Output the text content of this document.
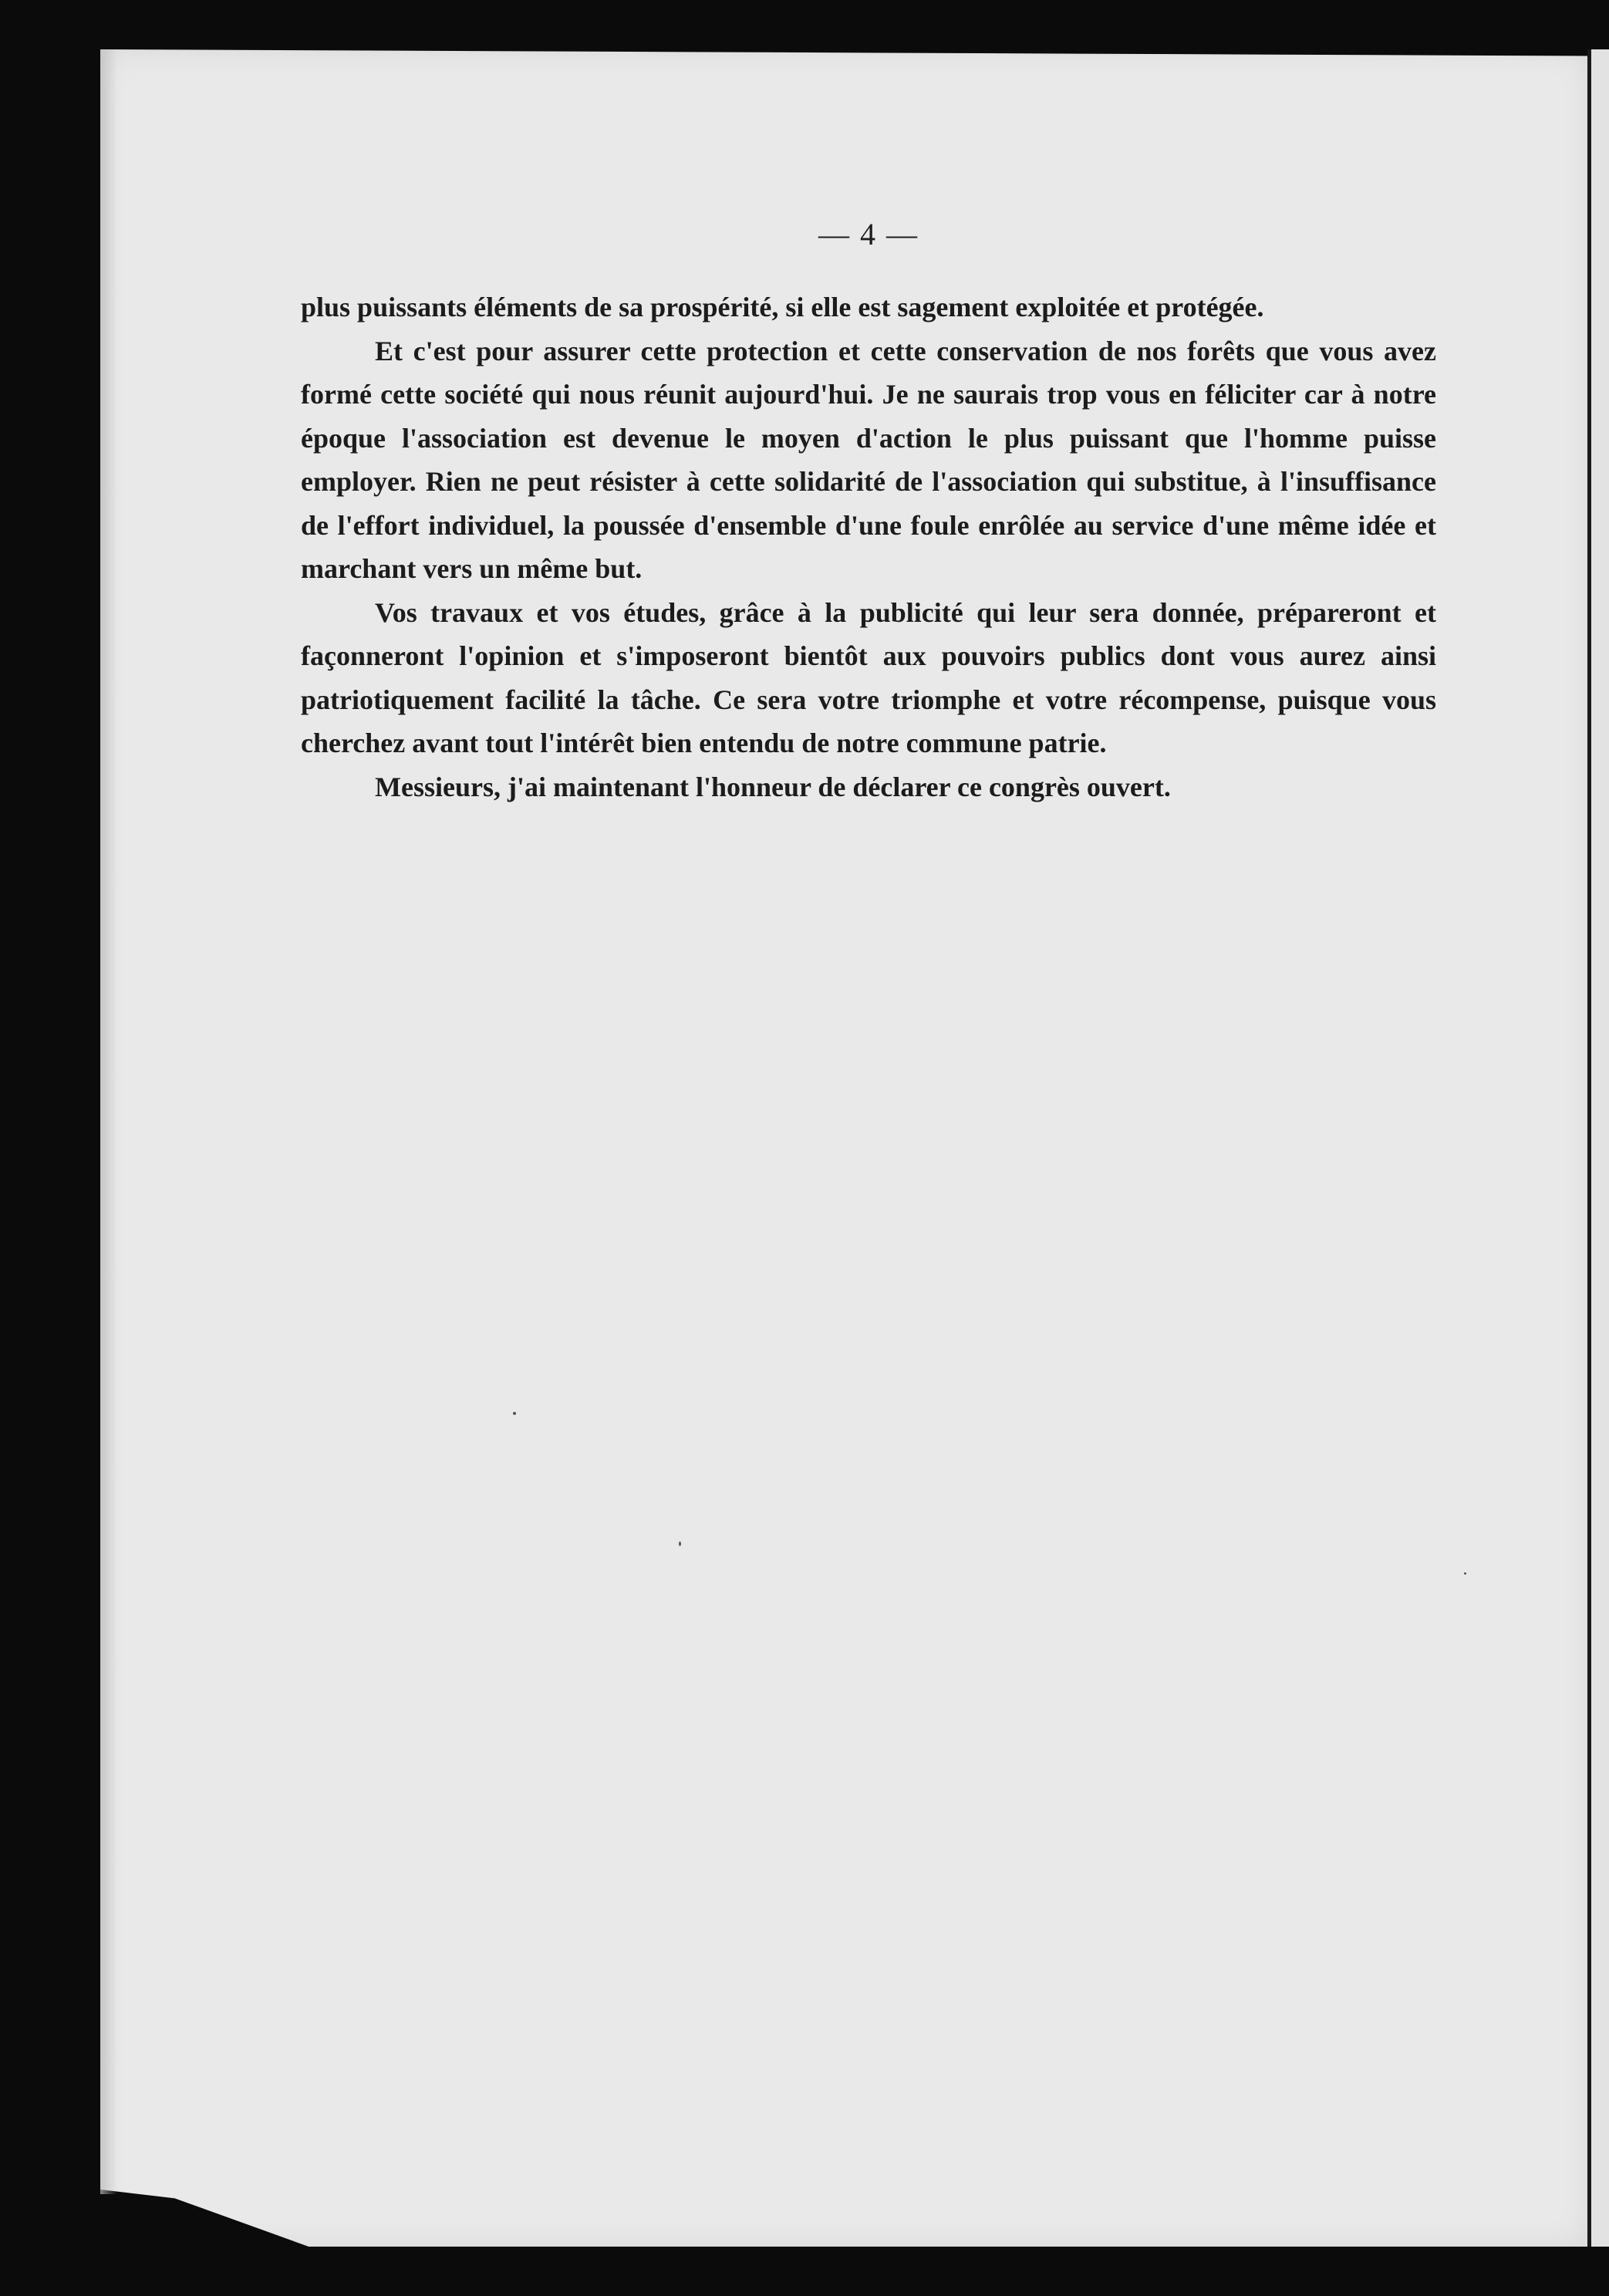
— 4 —

plus puissants éléments de sa prospérité, si elle est sagement exploitée et protégée.

Et c'est pour assurer cette protection et cette conservation de nos forêts que vous avez formé cette société qui nous réunit aujourd'hui. Je ne saurais trop vous en féliciter car à notre époque l'association est devenue le moyen d'action le plus puissant que l'homme puisse employer. Rien ne peut résister à cette solidarité de l'association qui substitue, à l'insuffisance de l'effort individuel, la poussée d'ensemble d'une foule enrôlée au service d'une même idée et marchant vers un même but.

Vos travaux et vos études, grâce à la publicité qui leur sera donnée, prépareront et façonneront l'opinion et s'imposeront bientôt aux pouvoirs publics dont vous aurez ainsi patriotiquement facilité la tâche. Ce sera votre triomphe et votre récompense, puisque vous cherchez avant tout l'intérêt bien entendu de notre commune patrie.

Messieurs, j'ai maintenant l'honneur de déclarer ce congrès ouvert.
